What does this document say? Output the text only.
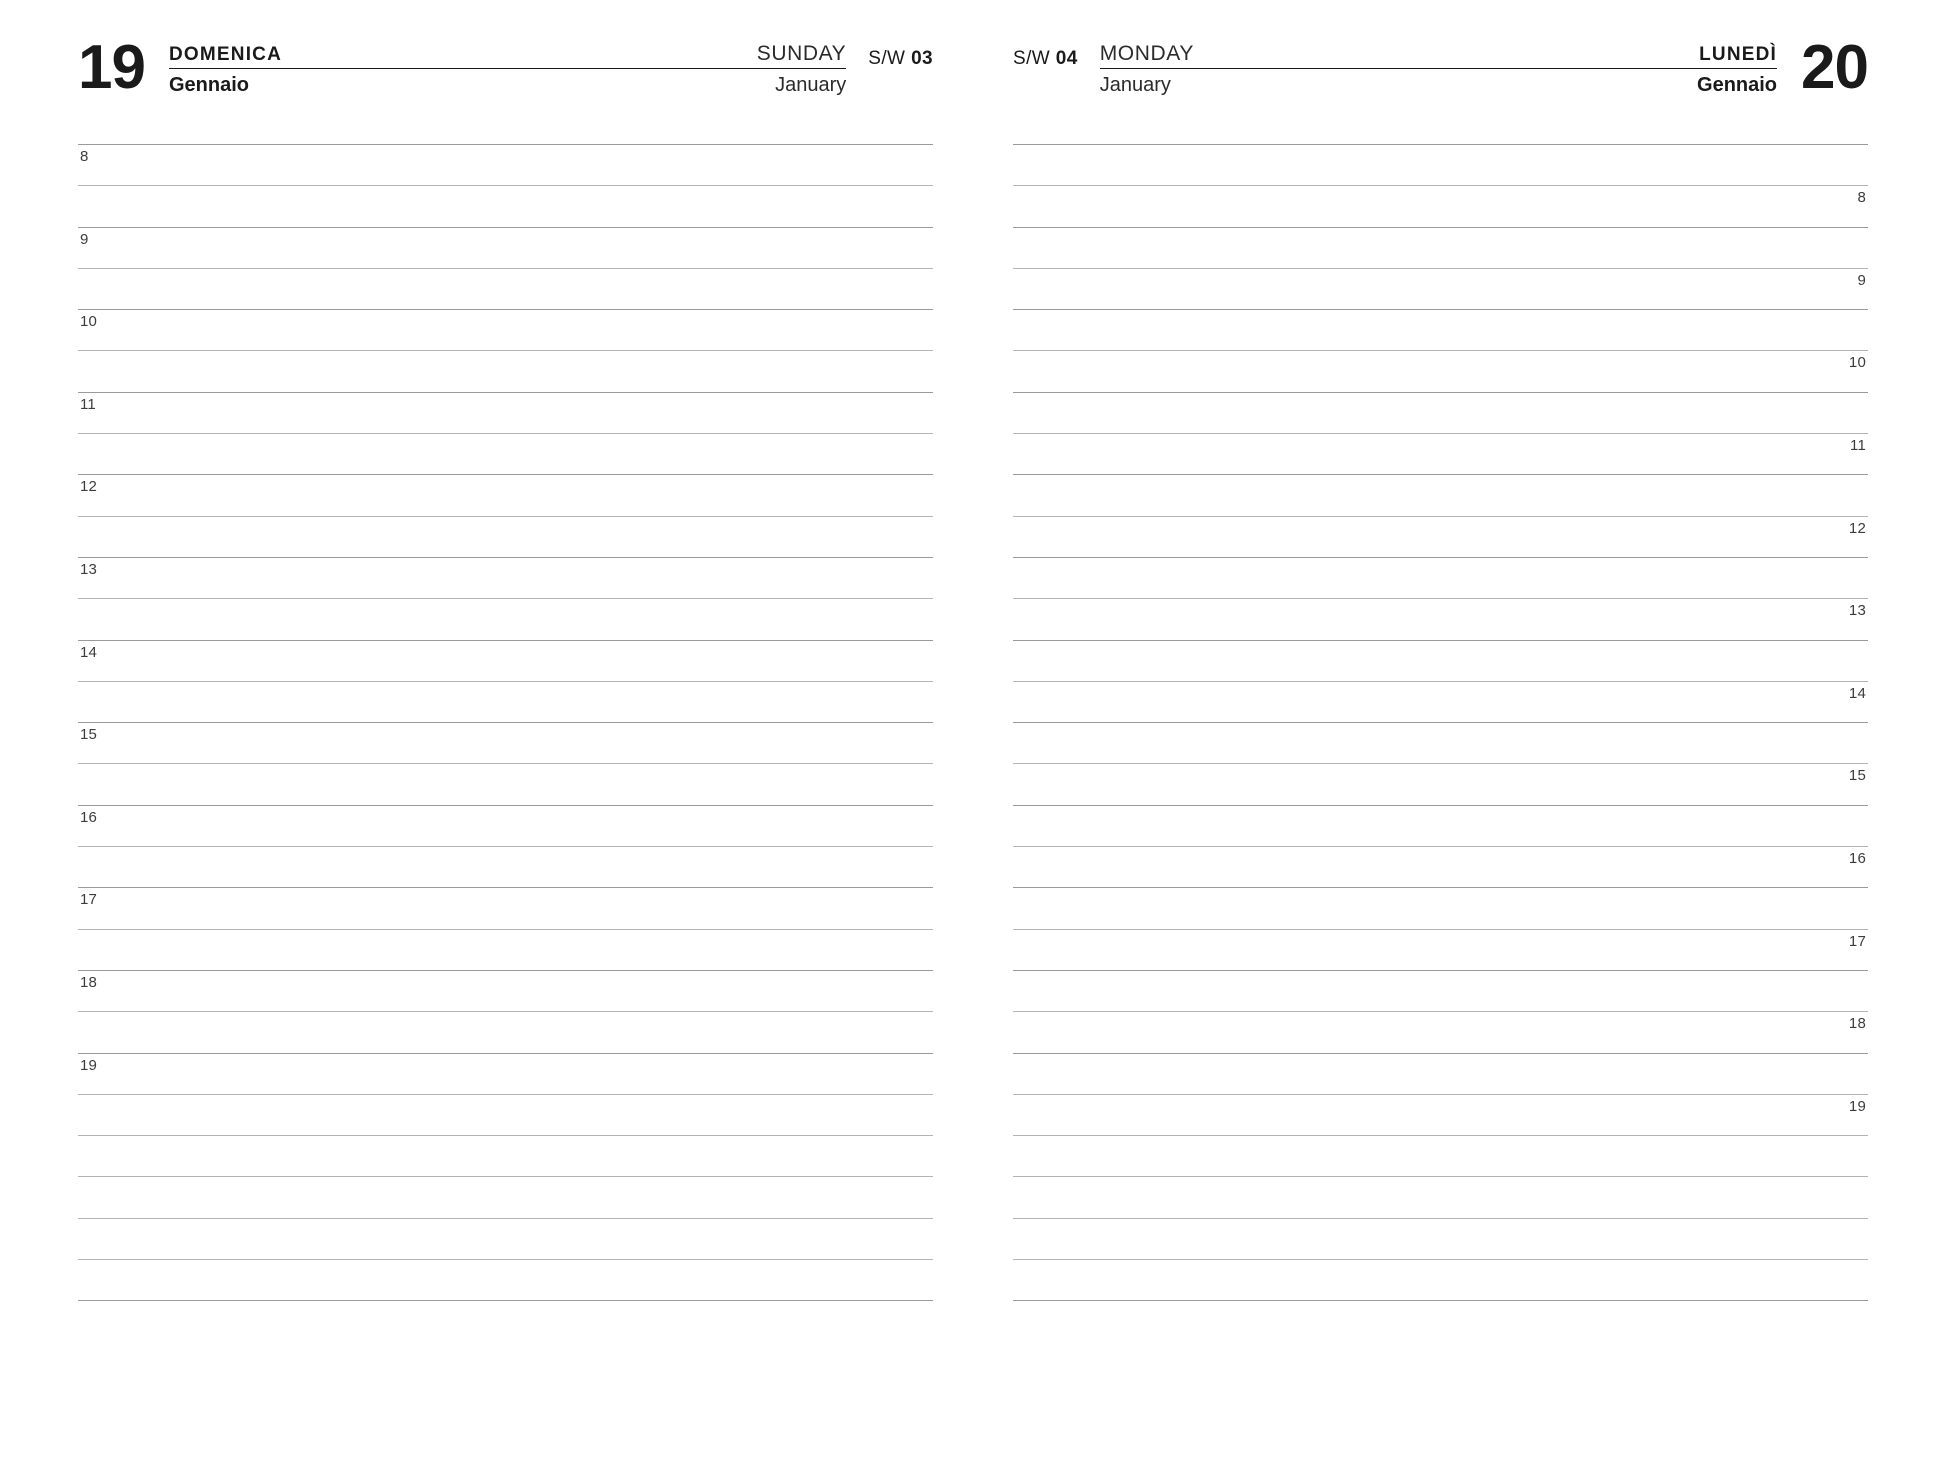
19 DOMENICA	SUNDAY
Gennaio	January
S/W 03
8
9
10
11
12
13
14
15
16
17
18
19
S/W 04 MONDAY	LUNEDÌ
January	Gennaio 20
8
9
10
11
12
13
14
15
16
17
18
19
